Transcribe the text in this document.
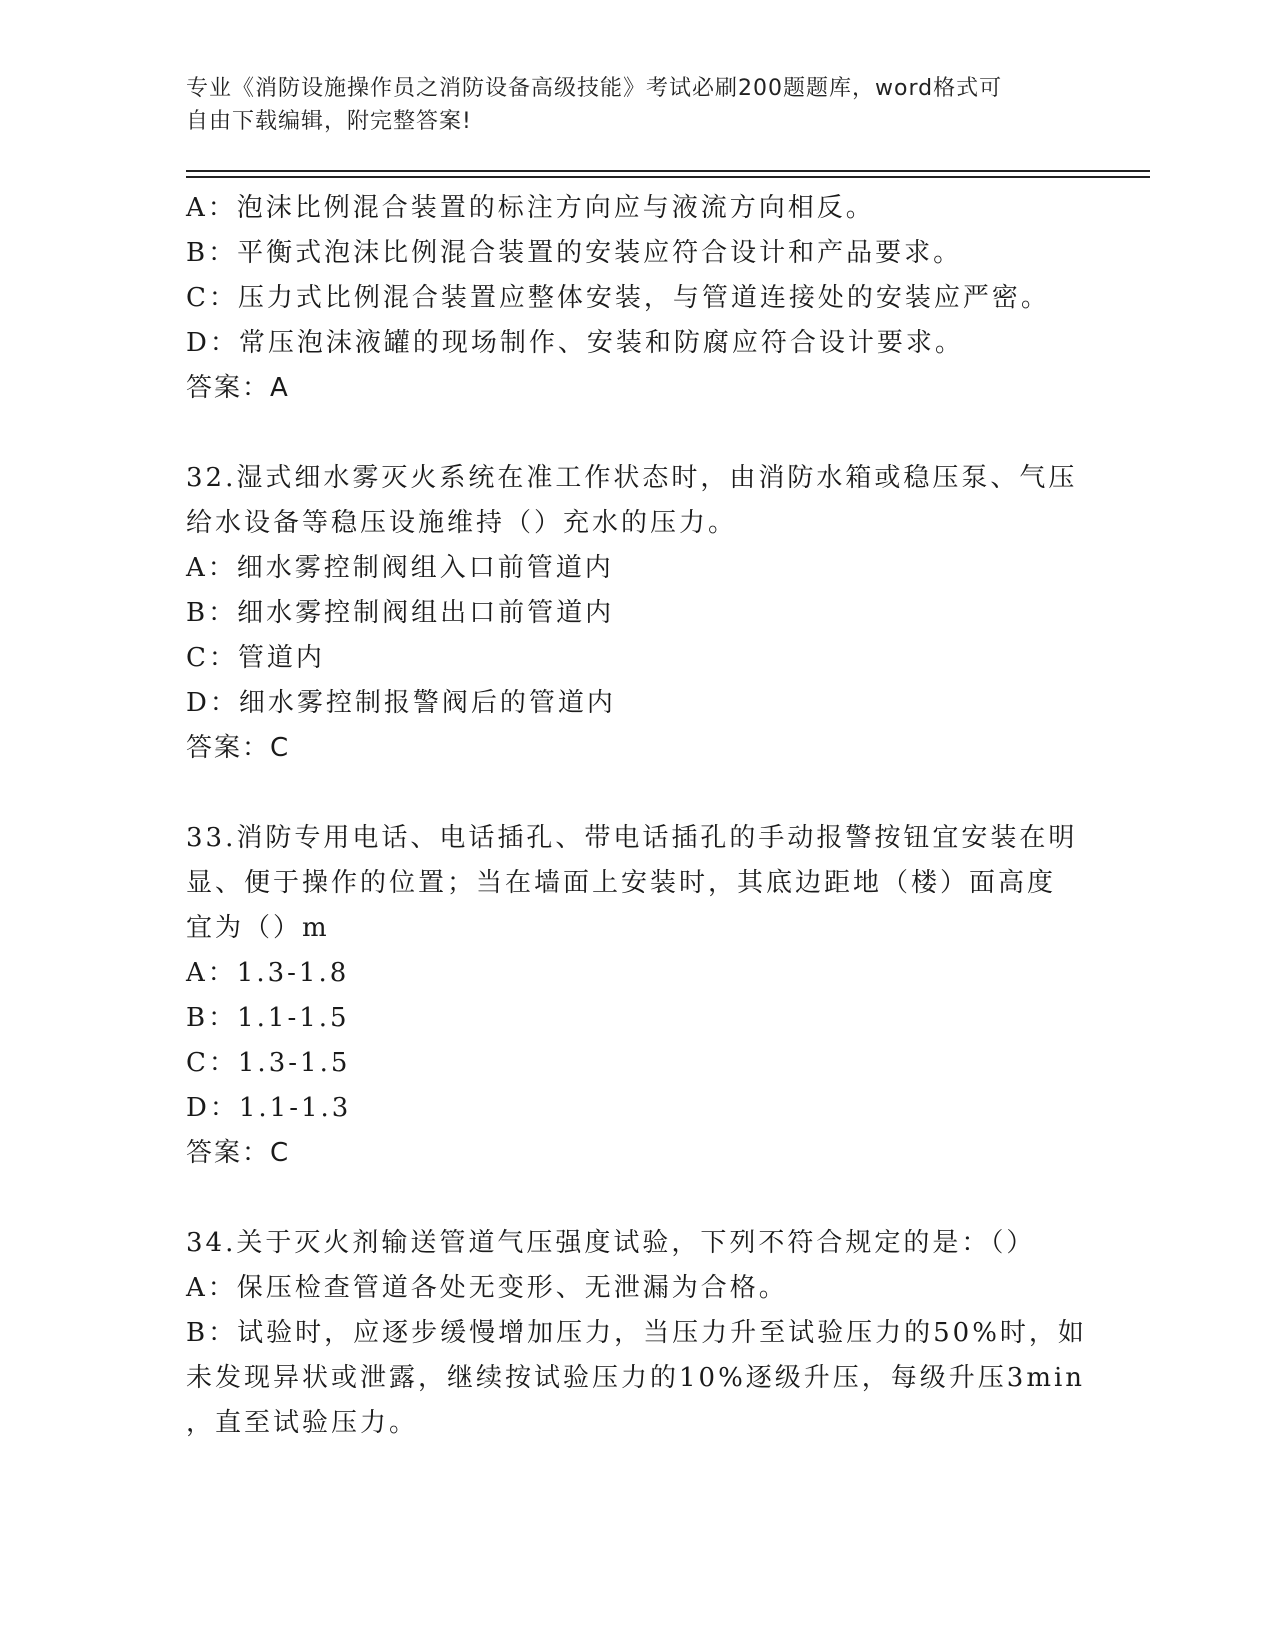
专业《消防设施操作员之消防设备高级技能》考试必刷200题题库，word格式可
自由下载编辑，附完整答案!
A：泡沫比例混合装置的标注方向应与液流方向相反。
B：平衡式泡沫比例混合装置的安装应符合设计和产品要求。
C：压力式比例混合装置应整体安装，与管道连接处的安装应严密。
D：常压泡沫液罐的现场制作、安装和防腐应符合设计要求。
答案：A
32.湿式细水雾灭火系统在准工作状态时，由消防水箱或稳压泵、气压
给水设备等稳压设施维持（）充水的压力。
A：细水雾控制阀组入口前管道内
B：细水雾控制阀组出口前管道内
C：管道内
D：细水雾控制报警阀后的管道内
答案：C
33.消防专用电话、电话插孔、带电话插孔的手动报警按钮宜安装在明
显、便于操作的位置；当在墙面上安装时，其底边距地（楼）面高度
宜为（）m
A：1.3-1.8
B：1.1-1.5
C：1.3-1.5
D：1.1-1.3
答案：C
34.关于灭火剂输送管道气压强度试验，下列不符合规定的是：（）
A：保压检查管道各处无变形、无泄漏为合格。
B：试验时，应逐步缓慢增加压力，当压力升至试验压力的50%时，如
未发现异状或泄露，继续按试验压力的10%逐级升压，每级升压3min
，直至试验压力。
